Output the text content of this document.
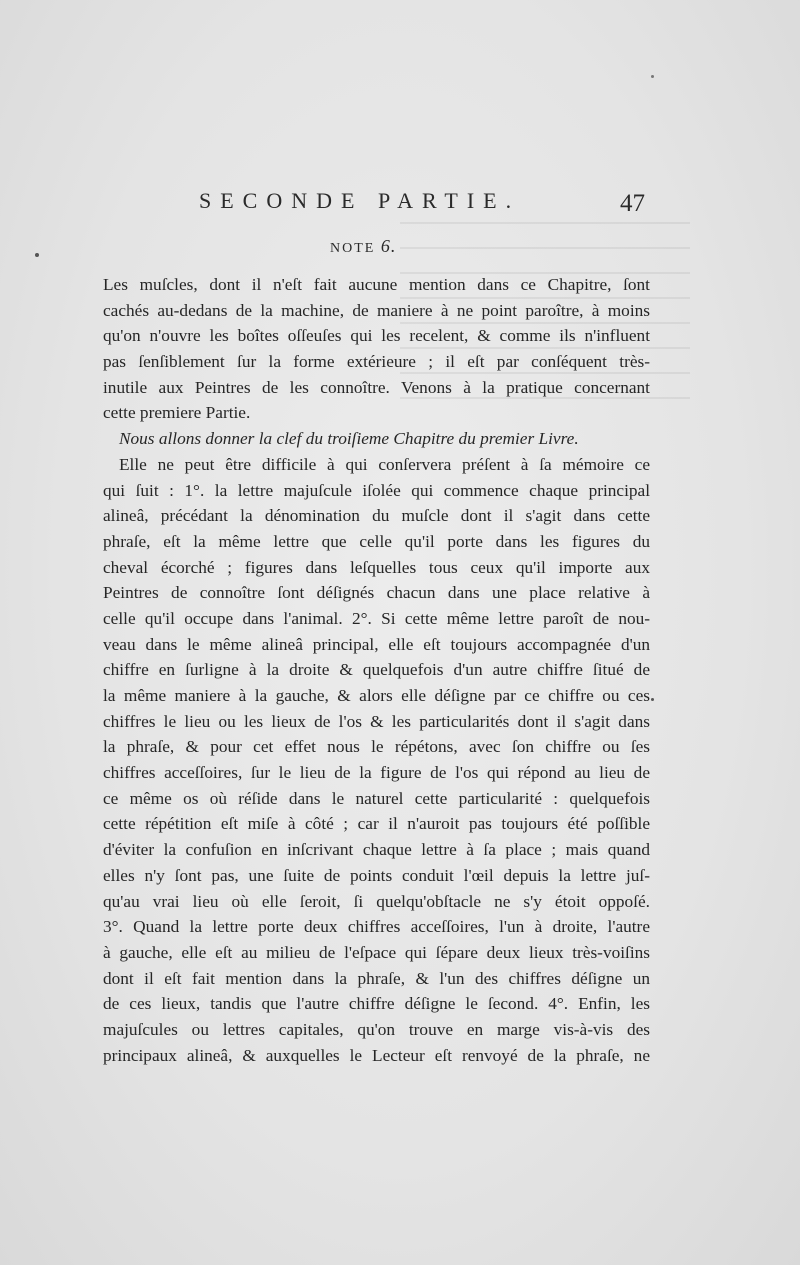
SECONDE PARTIE.	47
NOTE 6.
Les muſcles, dont il n'eſt fait aucune mention dans ce Chapitre, ſont
cachés au-dedans de la machine, de maniere à ne point paroître, à moins
qu'on n'ouvre les boîtes oſſeuſes qui les recelent, & comme ils n'influent
pas ſenſiblement ſur la forme extérieure ; il eſt par conſéquent très-
inutile aux Peintres de les connoître. Venons à la pratique concernant
cette premiere Partie.
Nous allons donner la clef du troiſieme Chapitre du premier Livre.
Elle ne peut être difficile à qui conſervera préſent à ſa mémoire ce
qui ſuit : 1°. la lettre majuſcule iſolée qui commence chaque principal
alineâ, précédant la dénomination du muſcle dont il s'agit dans cette
phraſe, eſt la même lettre que celle qu'il porte dans les figures du
cheval écorché ; figures dans leſquelles tous ceux qu'il importe aux
Peintres de connoître ſont déſignés chacun dans une place relative à
celle qu'il occupe dans l'animal. 2°. Si cette même lettre paroît de nou-
veau dans le même alineâ principal, elle eſt toujours accompagnée d'un
chiffre en ſurligne à la droite & quelquefois d'un autre chiffre ſitué de
la même maniere à la gauche, & alors elle déſigne par ce chiffre ou ces
chiffres le lieu ou les lieux de l'os & les particularités dont il s'agit dans
la phraſe, & pour cet effet nous le répétons, avec ſon chiffre ou ſes
chiffres acceſſoires, ſur le lieu de la figure de l'os qui répond au lieu de
ce même os où réſide dans le naturel cette particularité : quelquefois
cette répétition eſt miſe à côté ; car il n'auroit pas toujours été poſſible
d'éviter la confuſion en inſcrivant chaque lettre à ſa place ; mais quand
elles n'y ſont pas, une ſuite de points conduit l'œil depuis la lettre juſ-
qu'au vrai lieu où elle ſeroit, ſi quelqu'obſtacle ne s'y étoit oppoſé.
3°. Quand la lettre porte deux chiffres acceſſoires, l'un à droite, l'autre
à gauche, elle eſt au milieu de l'eſpace qui ſépare deux lieux très-voiſins
dont il eſt fait mention dans la phraſe, & l'un des chiffres déſigne un
de ces lieux, tandis que l'autre chiffre déſigne le ſecond. 4°. Enfin, les
majuſcules ou lettres capitales, qu'on trouve en marge vis-à-vis des
principaux alineâ, & auxquelles le Lecteur eſt renvoyé de la phraſe, ne
